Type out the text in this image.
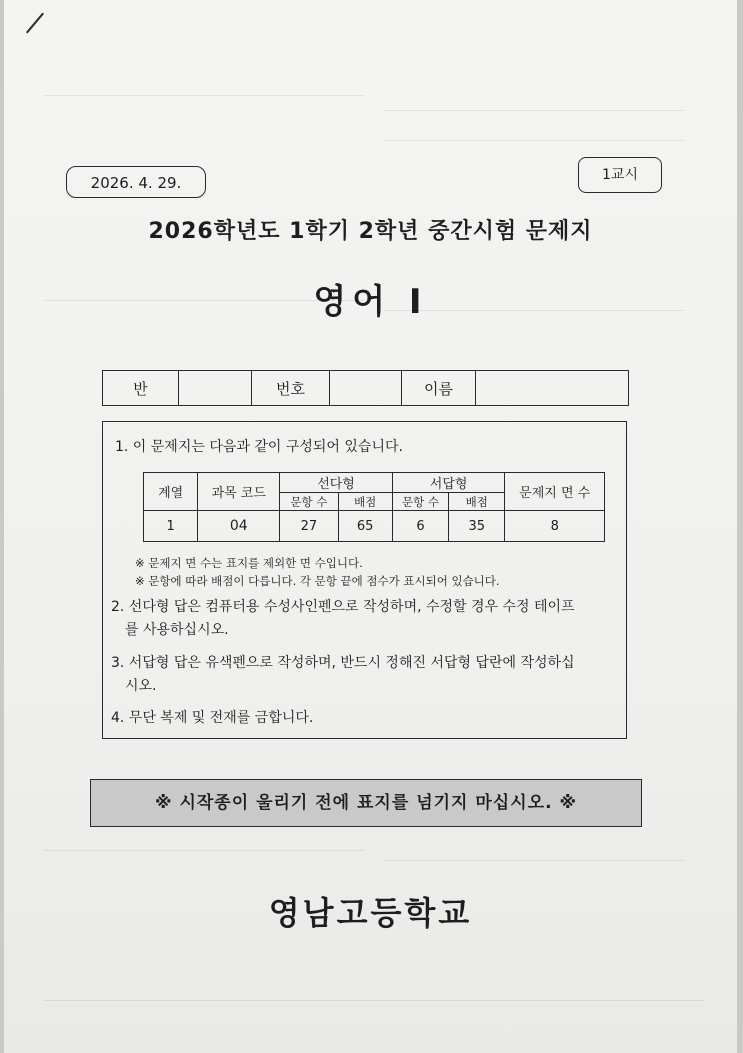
2026. 4. 29.	1교시
2026학년도 1학기 2학년 중간시험 문제지
영어 I
반	번호	이름
1. 이 문제지는 다음과 같이 구성되어 있습니다.
계열	과목 코드	선다형		서답형		문제지 면 수
		문항 수	배점	문항 수	배점	
1	04	27	65	6	35	8
※ 문제지 면 수는 표지를 제외한 면 수입니다.
※ 문항에 따라 배점이 다릅니다. 각 문항 끝에 점수가 표시되어 있습니다.
2. 선다형 답은 컴퓨터용 수성사인펜으로 작성하며, 수정할 경우 수정 테이프
를 사용하십시오.
3. 서답형 답은 유색펜으로 작성하며, 반드시 정해진 서답형 답란에 작성하십
시오.
4. 무단 복제 및 전재를 금합니다.
※ 시작종이 울리기 전에 표지를 넘기지 마십시오. ※
영남고등학교
